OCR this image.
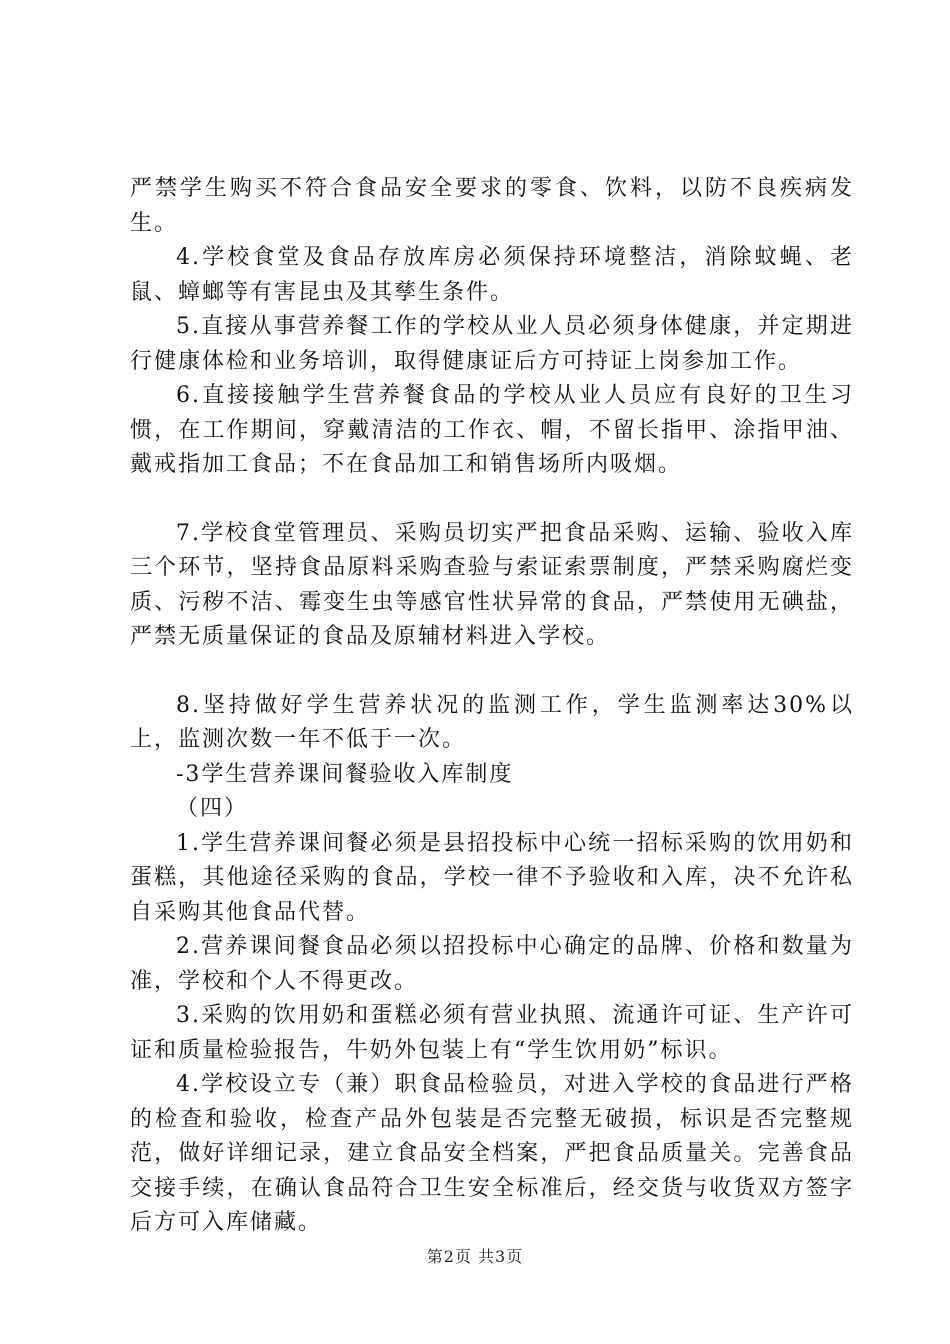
严禁学生购买不符合食品安全要求的零食、饮料，以防不良疾病发生。

4.学校食堂及食品存放库房必须保持环境整洁，消除蚊蝇、老鼠、蟑螂等有害昆虫及其孳生条件。

5.直接从事营养餐工作的学校从业人员必须身体健康，并定期进行健康体检和业务培训，取得健康证后方可持证上岗参加工作。

6.直接接触学生营养餐食品的学校从业人员应有良好的卫生习惯，在工作期间，穿戴清洁的工作衣、帽，不留长指甲、涂指甲油、戴戒指加工食品；不在食品加工和销售场所内吸烟。

7.学校食堂管理员、采购员切实严把食品采购、运输、验收入库三个环节，坚持食品原料采购查验与索证索票制度，严禁采购腐烂变质、污秽不洁、霉变生虫等感官性状异常的食品，严禁使用无碘盐，严禁无质量保证的食品及原辅材料进入学校。

8.坚持做好学生营养状况的监测工作，学生监测率达30%以上，监测次数一年不低于一次。

-3学生营养课间餐验收入库制度

（四）

1.学生营养课间餐必须是县招投标中心统一招标采购的饮用奶和蛋糕，其他途径采购的食品，学校一律不予验收和入库，决不允许私自采购其他食品代替。

2.营养课间餐食品必须以招投标中心确定的品牌、价格和数量为准，学校和个人不得更改。

3.采购的饮用奶和蛋糕必须有营业执照、流通许可证、生产许可证和质量检验报告，牛奶外包装上有“学生饮用奶”标识。

4.学校设立专（兼）职食品检验员，对进入学校的食品进行严格的检查和验收，检查产品外包装是否完整无破损，标识是否完整规范，做好详细记录，建立食品安全档案，严把食品质量关。完善食品交接手续，在确认食品符合卫生安全标准后，经交货与收货双方签字后方可入库储藏。

第2页 共3页
